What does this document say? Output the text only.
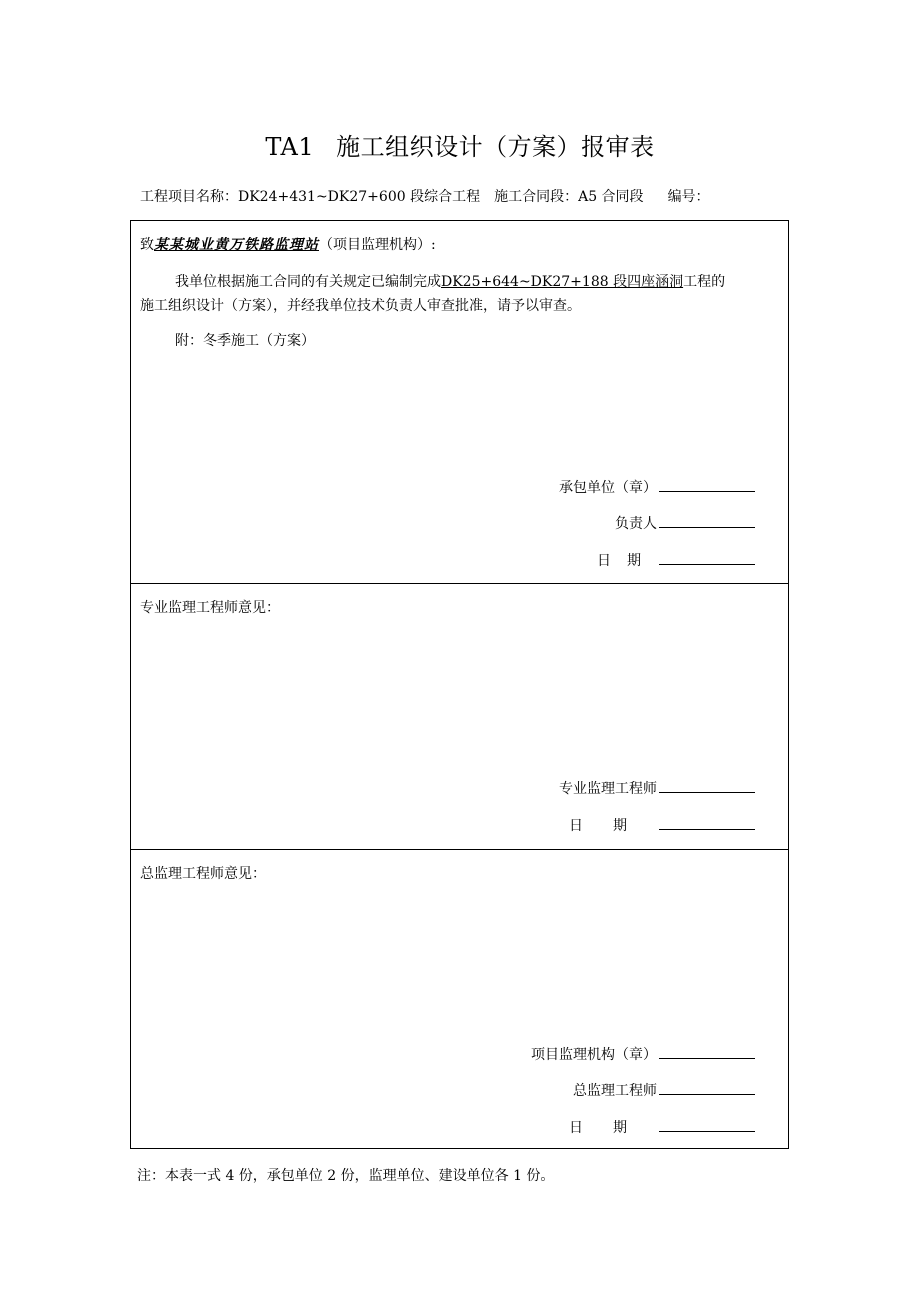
TA1 施工组织设计（方案）报审表
工程项目名称：DK24+431~DK27+600 段综合工程 施工合同段：A5 合同段 编号：
致某某城业黄万铁路监理站（项目监理机构）:
我单位根据施工合同的有关规定已编制完成DK25+644~DK27+188 段四座涵洞工程的
施工组织设计（方案），并经我单位技术负责人审查批准，请予以审查。
附：冬季施工（方案）
承包单位（章）
负责人
日期
专业监理工程师意见：
专业监理工程师
日期
总监理工程师意见：
项目监理机构（章）
总监理工程师
日期
注：本表一式 4 份，承包单位 2 份，监理单位、建设单位各 1 份。
